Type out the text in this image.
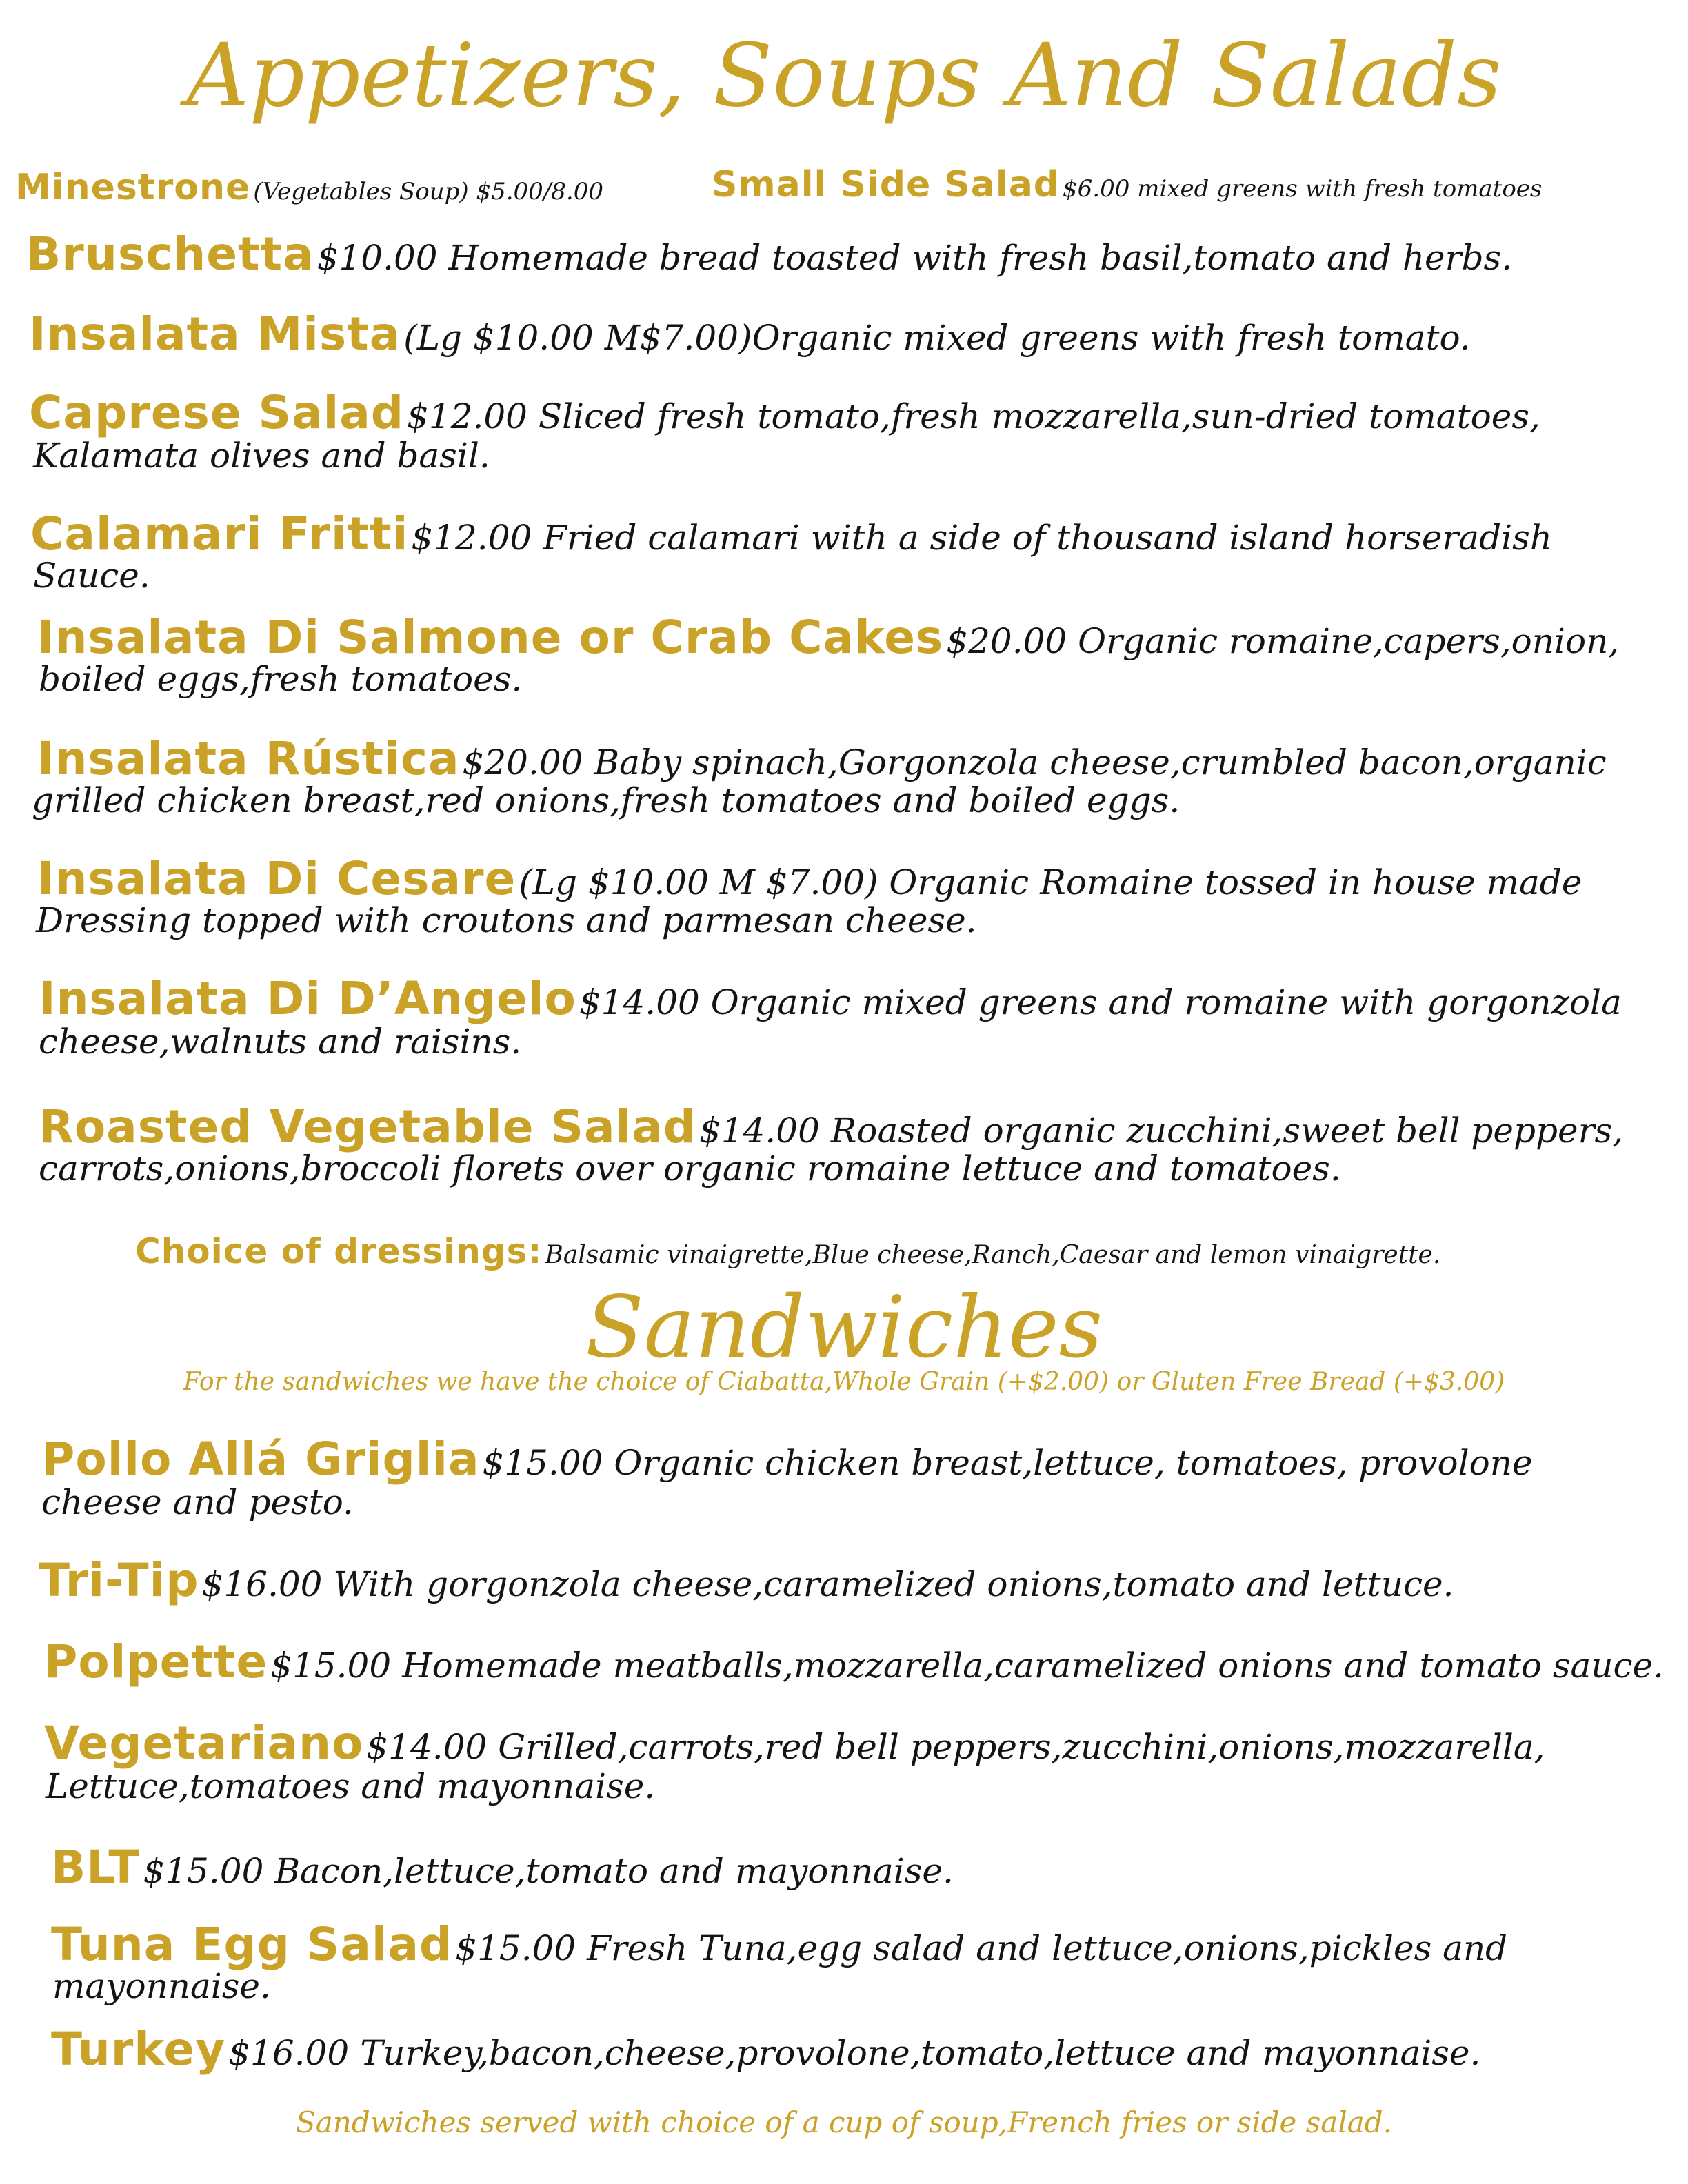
Appetizers, Soups And Salads
Minestrone (Vegetables Soup) $5.00/8.00	Small Side Salad $6.00 mixed greens with fresh tomatoes
Bruschetta $10.00 Homemade bread toasted with fresh basil,tomato and herbs.
Insalata Mista (Lg $10.00 M$7.00)Organic mixed greens with fresh tomato.
Caprese Salad $12.00 Sliced fresh tomato,fresh mozzarella,sun-dried tomatoes,
Kalamata olives and basil.
Calamari Fritti $12.00 Fried calamari with a side of thousand island horseradish
Sauce.
Insalata Di Salmone or Crab Cakes $20.00 Organic romaine,capers,onion,
boiled eggs,fresh tomatoes.
Insalata Rústica $20.00 Baby spinach,Gorgonzola cheese,crumbled bacon,organic
grilled chicken breast,red onions,fresh tomatoes and boiled eggs.
Insalata Di Cesare (Lg $10.00 M $7.00) Organic Romaine tossed in house made
Dressing topped with croutons and parmesan cheese.
Insalata Di D’Angelo $14.00 Organic mixed greens and romaine with gorgonzola
cheese,walnuts and raisins.
Roasted Vegetable Salad $14.00 Roasted organic zucchini,sweet bell peppers,
carrots,onions,broccoli florets over organic romaine lettuce and tomatoes.
Choice of dressings: Balsamic vinaigrette,Blue cheese,Ranch,Caesar and lemon vinaigrette.
Sandwiches
For the sandwiches we have the choice of Ciabatta,Whole Grain (+$2.00) or Gluten Free Bread (+$3.00)
Pollo Allá Griglia $15.00 Organic chicken breast,lettuce, tomatoes, provolone
cheese and pesto.
Tri-Tip $16.00 With gorgonzola cheese,caramelized onions,tomato and lettuce.
Polpette $15.00 Homemade meatballs,mozzarella,caramelized onions and tomato sauce.
Vegetariano $14.00 Grilled,carrots,red bell peppers,zucchini,onions,mozzarella,
Lettuce,tomatoes and mayonnaise.
BLT $15.00 Bacon,lettuce,tomato and mayonnaise.
Tuna Egg Salad $15.00 Fresh Tuna,egg salad and lettuce,onions,pickles and
mayonnaise.
Turkey $16.00 Turkey,bacon,cheese,provolone,tomato,lettuce and mayonnaise.
Sandwiches served with choice of a cup of soup,French fries or side salad.
